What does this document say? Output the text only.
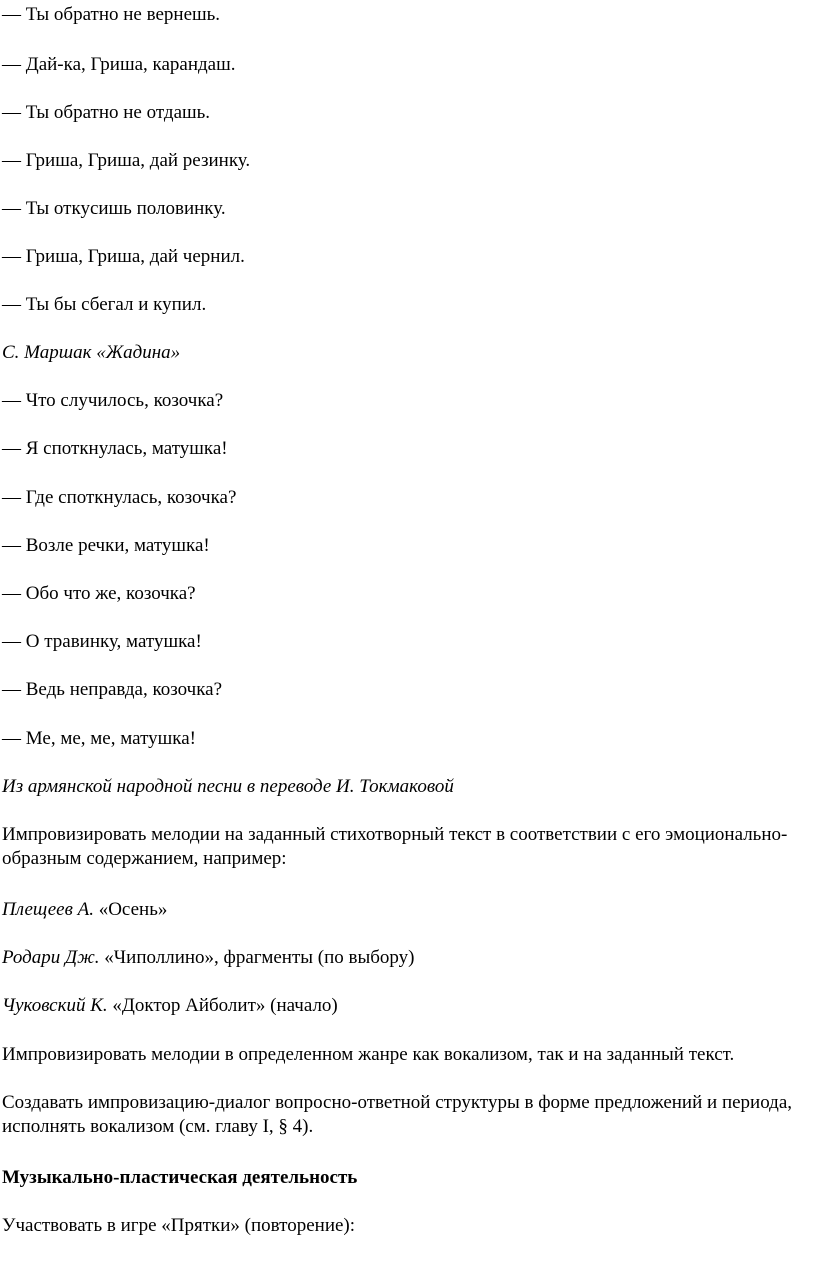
— Ты обратно не вернешь.
— Дай-ка, Гриша, карандаш.
— Ты обратно не отдашь.
— Гриша, Гриша, дай резинку.
— Ты откусишь половинку.
— Гриша, Гриша, дай чернил.
— Ты бы сбегал и купил.
С. Маршак «Жадина»
— Что случилось, козочка?
— Я споткнулась, матушка!
— Где споткнулась, козочка?
— Возле речки, матушка!
— Обо что же, козочка?
— О травинку, матушка!
— Ведь неправда, козочка?
— Ме, ме, ме, матушка!
Из армянской народной песни в переводе И. Токмаковой
Импровизировать мелодии на заданный стихотворный текст в соответствии с его эмоционально-образным содержанием, например:
Плещеев А. «Осень»
Родари Дж. «Чиполлино», фрагменты (по выбору)
Чуковский К. «Доктор Айболит» (начало)
Импровизировать мелодии в определенном жанре как вокализом, так и на заданный текст.
Создавать импровизацию-диалог вопросно-ответной структуры в форме предложений и периода, исполнять вокализом (см. главу I, § 4).
Музыкально-пластическая деятельность
Участвовать в игре «Прятки» (повторение):
